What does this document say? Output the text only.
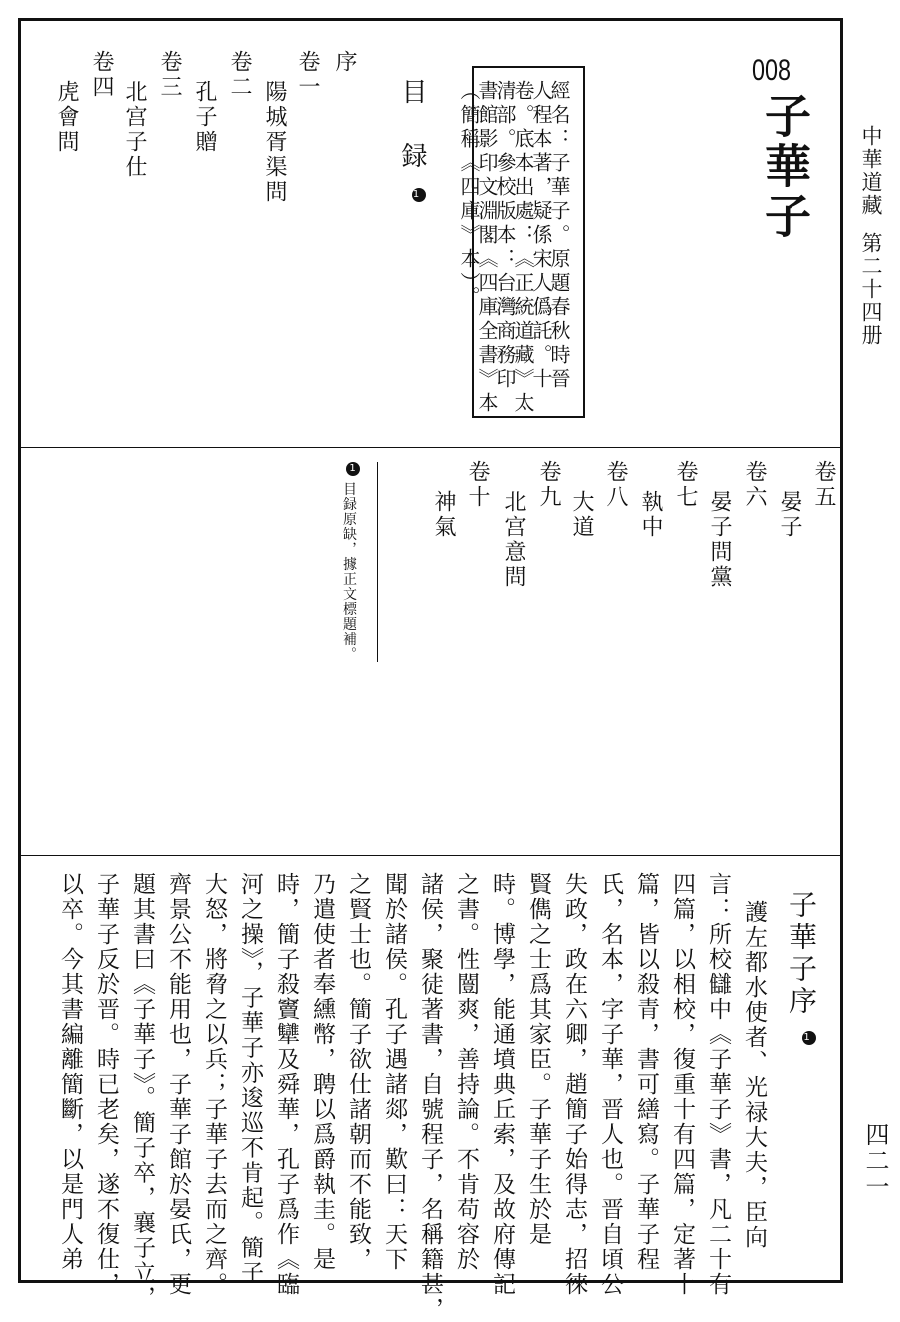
中華道藏
第二十四册
四二一
008
子華子
經名：子華子。原題春秋時晉
人程本著，疑係宋人僞託。十
卷。底本出處：《正統道藏》太
清部。參校版本：台灣商務印
書館影印文淵閣《四庫全書》本
（簡稱《四庫》本）。
目　録 1
序
卷一
陽城胥渠問
卷二
孔子贈
卷三
北宫子仕
卷四
虎會問
卷五
晏子
卷六
晏子問黨
卷七
執中
卷八
大道
卷九
北宫意問
卷十
神氣
1 目録原缺，據正文標題補。
子華子序 1
護左都水使者、光禄大夫，臣向
言：所校讎中《子華子》書，凡二十有
四篇，以相校，復重十有四篇，定著十
篇，皆以殺青，書可繕寫。子華子程
氏，名本，字子華，晋人也。晋自頃公
失政，政在六卿，趙簡子始得志，招徠
賢儁之士爲其家臣。子華子生於是
時。博學，能通墳典丘索，及故府傳記
之書。性闓爽，善持論。不肯苟容於
諸侯，聚徒著書，自號程子，名稱籍甚，
聞於諸侯。孔子遇諸郯，歎曰：天下
之賢士也。簡子欲仕諸朝而不能致，
乃遣使者奉纁幣，聘以爲爵執圭。是
時，簡子殺竇犫及舜華，孔子爲作《臨
河之操》，子華子亦逡巡不肯起。簡子
大怒，將脅之以兵；子華子去而之齊。
齊景公不能用也，子華子館於晏氏，更
題其書曰《子華子》。簡子卒，襄子立，
子華子反於晋。時已老矣，遂不復仕，
以卒。今其書編離簡斷，以是門人弟
